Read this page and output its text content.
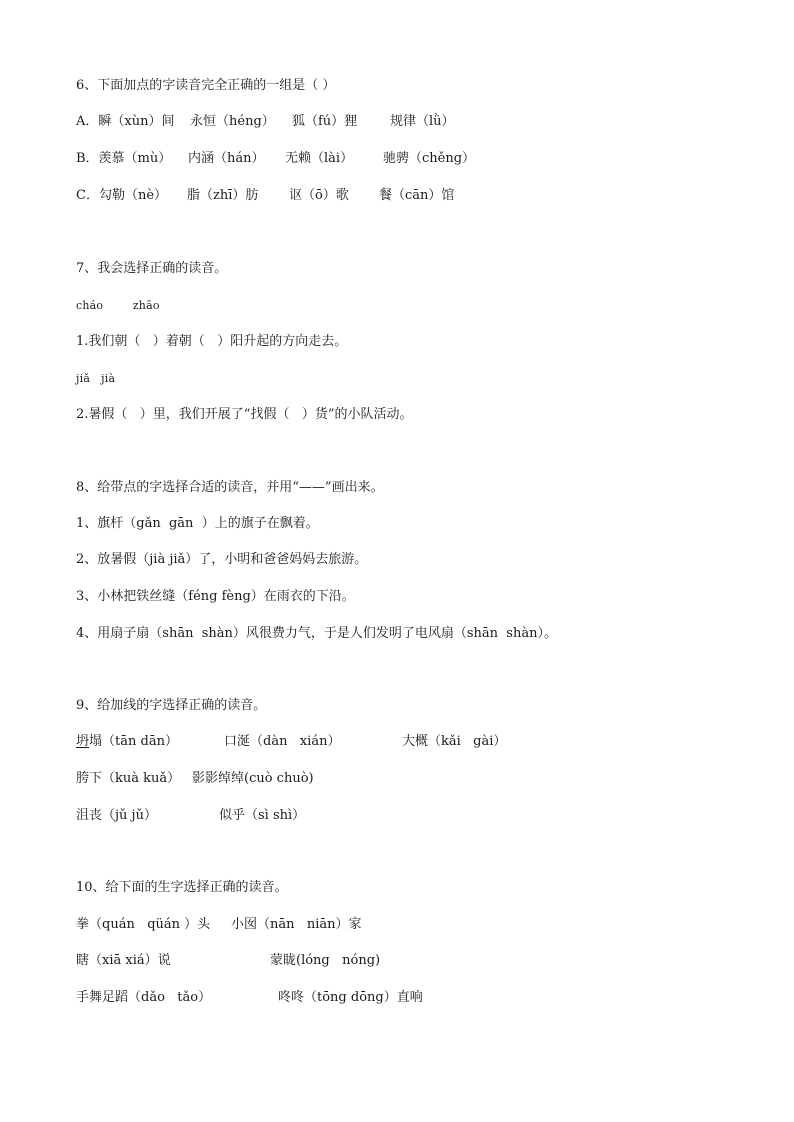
6、下面加点的字读音完全正确的一组是（ ）
A．瞬（xùn）间 永恒（héng） 狐（fú）狸	规律（lǜ）
B．羡慕（mù） 内涵（hán） 无赖（lài） 驰骋（chěng）
C．勾勒（nè） 脂（zhī）肪 讴（ō）歌 餐（cān）馆
7、我会选择正确的读音。
cháo        zhāo
1.我们朝（   ）着朝（   ）阳升起的方向走去。
jiǎ   jià
2.暑假（   ）里，我们开展了“找假（   ）货”的小队活动。
8、给带点的字选择合适的读音，并用“——”画出来。
1、旗杆（gǎn  gān  ）上的旗子在飘着。
2、放暑假（jià jiǎ）了，小明和爸爸妈妈去旅游。
3、小林把铁丝缝（féng fèng）在雨衣的下沿。
4、用扇子扇（shān  shàn）风很费力气，于是人们发明了电风扇（shān  shàn）。
9、给加线的字选择正确的读音。
坍塌（tān dān）	口涎（dàn   xián）	大概（kǎi   gài）
胯下（kuà kuǎ） 影影绰绰(cuò chuò)
沮丧（jǔ jǔ）	似乎（sì shì）
10、给下面的生字选择正确的读音。
拳（quán   qüán ）头 小囡（nān   niān）家
瞎（xiā xiá）说	蒙眬(lóng   nóng)
手舞足蹈（dǎo   tǎo）	咚咚（tōng dōng）直响
